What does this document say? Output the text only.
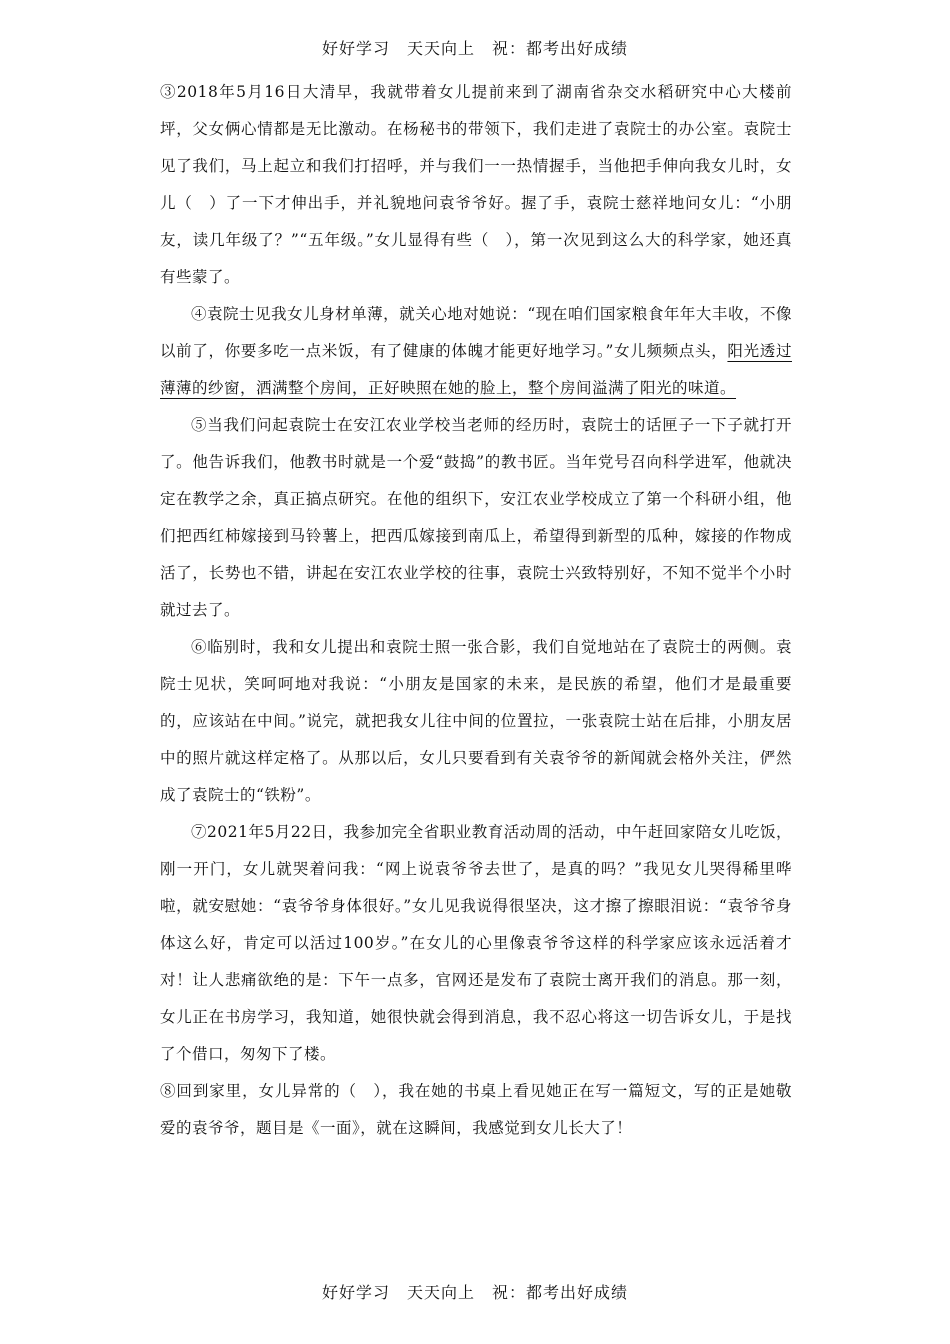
好好学习　天天向上　祝：都考出好成绩

③2018年5月16日大清早，我就带着女儿提前来到了湖南省杂交水稻研究中心大楼前坪，父女俩心情都是无比激动。在杨秘书的带领下，我们走进了袁院士的办公室。袁院士见了我们，马上起立和我们打招呼，并与我们一一热情握手，当他把手伸向我女儿时，女儿（　）了一下才伸出手，并礼貌地问袁爷爷好。握了手，袁院士慈祥地问女儿：“小朋友，读几年级了？”“五年级。”女儿显得有些（　），第一次见到这么大的科学家，她还真有些蒙了。

④袁院士见我女儿身材单薄，就关心地对她说：“现在咱们国家粮食年年大丰收，不像以前了，你要多吃一点米饭，有了健康的体魄才能更好地学习。”女儿频频点头，阳光透过薄薄的纱窗，洒满整个房间，正好映照在她的脸上，整个房间溢满了阳光的味道。

⑤当我们问起袁院士在安江农业学校当老师的经历时，袁院士的话匣子一下子就打开了。他告诉我们，他教书时就是一个爱“鼓捣”的教书匠。当年党号召向科学进军，他就决定在教学之余，真正搞点研究。在他的组织下，安江农业学校成立了第一个科研小组，他们把西红柿嫁接到马铃薯上，把西瓜嫁接到南瓜上，希望得到新型的瓜种，嫁接的作物成活了，长势也不错，讲起在安江农业学校的往事，袁院士兴致特别好，不知不觉半个小时就过去了。

⑥临别时，我和女儿提出和袁院士照一张合影，我们自觉地站在了袁院士的两侧。袁院士见状，笑呵呵地对我说：“小朋友是国家的未来，是民族的希望，他们才是最重要的，应该站在中间。”说完，就把我女儿往中间的位置拉，一张袁院士站在后排，小朋友居中的照片就这样定格了。从那以后，女儿只要看到有关袁爷爷的新闻就会格外关注，俨然成了袁院士的“铁粉”。

⑦2021年5月22日，我参加完全省职业教育活动周的活动，中午赶回家陪女儿吃饭，刚一开门，女儿就哭着问我：“网上说袁爷爷去世了，是真的吗？”我见女儿哭得稀里哗啦，就安慰她：“袁爷爷身体很好。”女儿见我说得很坚决，这才擦了擦眼泪说：“袁爷爷身体这么好，肯定可以活过100岁。”在女儿的心里像袁爷爷这样的科学家应该永远活着才对！让人悲痛欲绝的是：下午一点多，官网还是发布了袁院士离开我们的消息。那一刻，女儿正在书房学习，我知道，她很快就会得到消息，我不忍心将这一切告诉女儿，于是找了个借口，匆匆下了楼。

⑧回到家里，女儿异常的（　），我在她的书桌上看见她正在写一篇短文，写的正是她敬爱的袁爷爷，题目是《一面》，就在这瞬间，我感觉到女儿长大了！

好好学习　天天向上　祝：都考出好成绩
